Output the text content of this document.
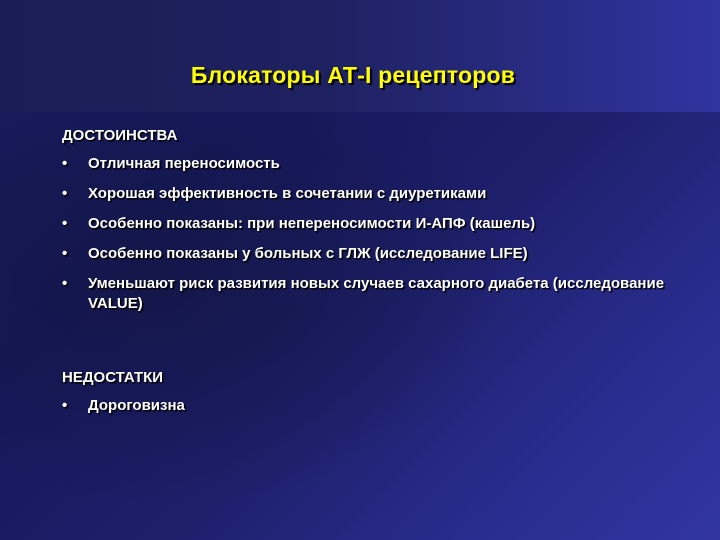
Блокаторы АТ-I рецепторов
ДОСТОИНСТВА
• Отличная переносимость
• Хорошая эффективность в сочетании с диуретиками
• Особенно показаны: при непереносимости И-АПФ (кашель)
• Особенно показаны у больных с ГЛЖ (исследование LIFE)
• Уменьшают риск развития новых случаев сахарного диабета (исследование VALUE)
НЕДОСТАТКИ
• Дороговизна
